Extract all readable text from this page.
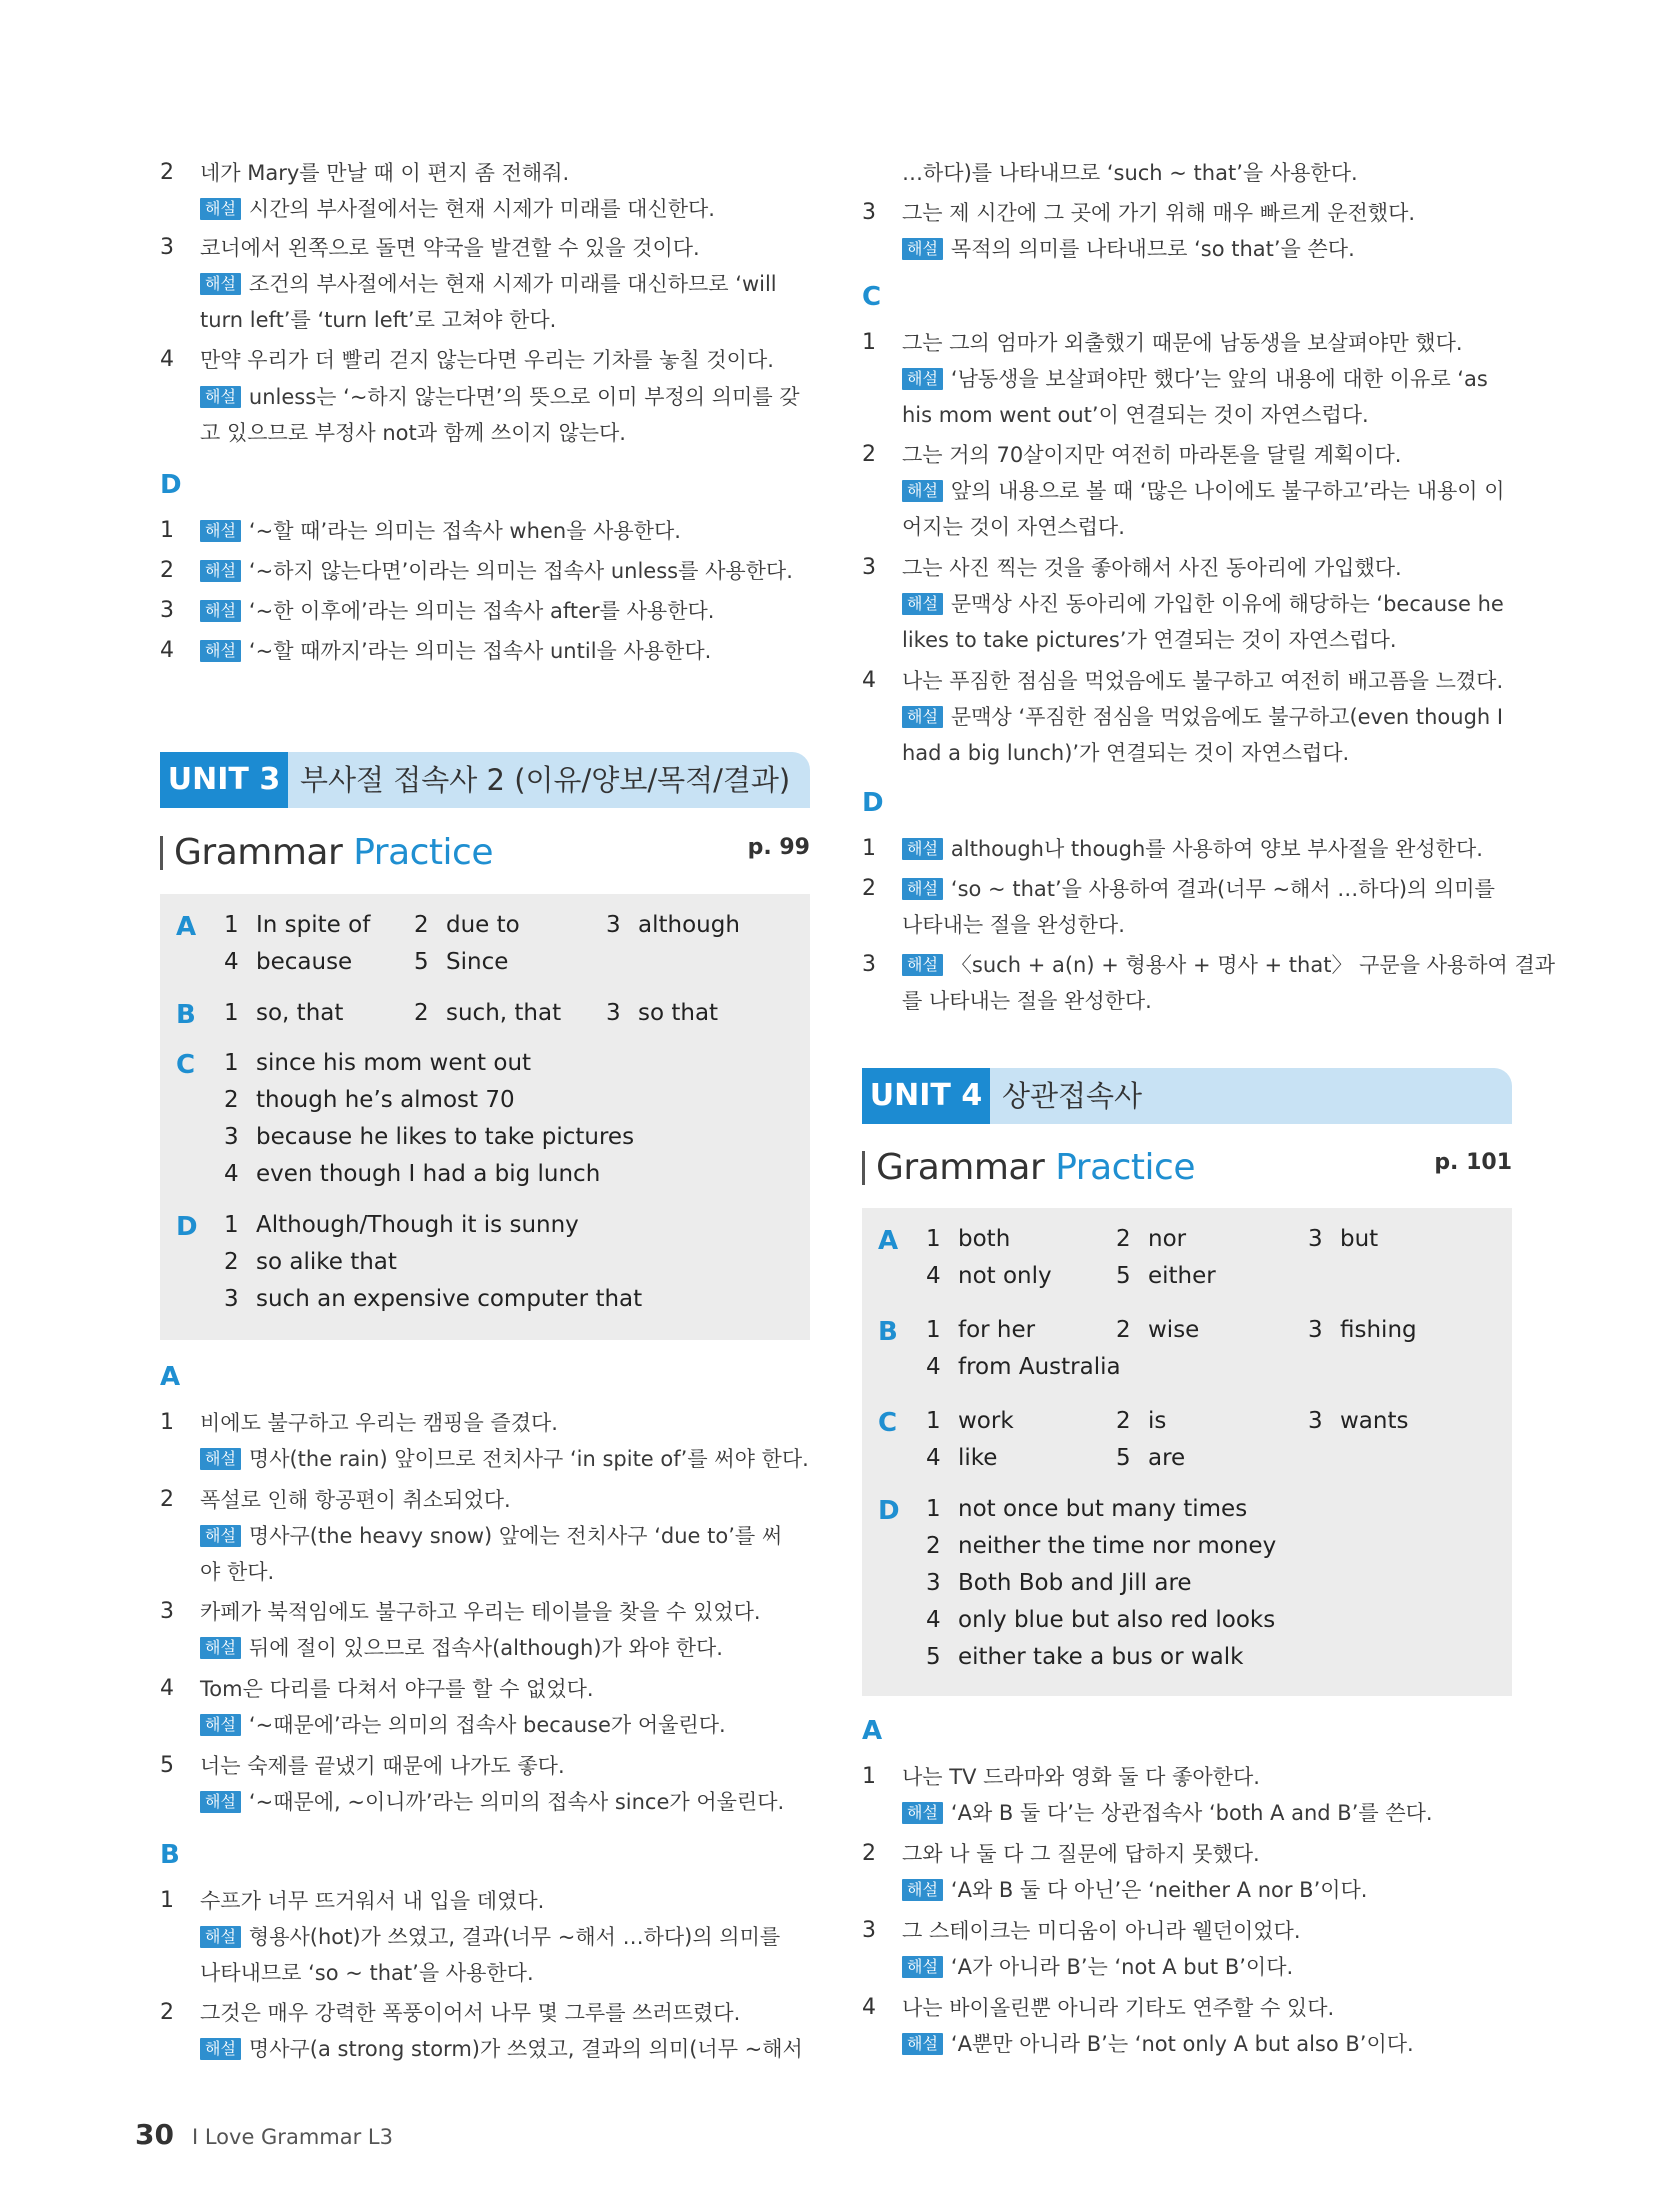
2	네가 Mary를 만날 때 이 편지 좀 전해줘.
해설 시간의 부사절에서는 현재 시제가 미래를 대신한다.
3	코너에서 왼쪽으로 돌면 약국을 발견할 수 있을 것이다.
해설 조건의 부사절에서는 현재 시제가 미래를 대신하므로 ‘will
turn left’를 ‘turn left’로 고쳐야 한다.
4	만약 우리가 더 빨리 걷지 않는다면 우리는 기차를 놓칠 것이다.
해설 unless는 ‘~하지 않는다면’의 뜻으로 이미 부정의 의미를 갖
고 있으므로 부정사 not과 함께 쓰이지 않는다.
D
1	해설 ‘~할 때’라는 의미는 접속사 when을 사용한다.
2	해설 ‘~하지 않는다면’이라는 의미는 접속사 unless를 사용한다.
3	해설 ‘~한 이후에’라는 의미는 접속사 after를 사용한다.
4	해설 ‘~할 때까지’라는 의미는 접속사 until을 사용한다.
UNIT 3 부사절 접속사 2 (이유/양보/목적/결과)
Grammar Practice	p. 99
A 1 In spite of 2 due to	3 although
4 because	5 Since
B 1 so, that	2 such, that 3 so that
C 1 since his mom went out
2 though he’s almost 70
3 because he likes to take pictures
4 even though I had a big lunch
D 1 Although/Though it is sunny
2 so alike that
3 such an expensive computer that
A
1	비에도 불구하고 우리는 캠핑을 즐겼다.
해설 명사(the rain) 앞이므로 전치사구 ‘in spite of’를 써야 한다.
2	폭설로 인해 항공편이 취소되었다.
해설 명사구(the heavy snow) 앞에는 전치사구 ‘due to’를 써
야 한다.
3	카페가 북적임에도 불구하고 우리는 테이블을 찾을 수 있었다.
해설 뒤에 절이 있으므로 접속사(although)가 와야 한다.
4	Tom은 다리를 다쳐서 야구를 할 수 없었다.
해설 ‘~때문에’라는 의미의 접속사 because가 어울린다.
5	너는 숙제를 끝냈기 때문에 나가도 좋다.
해설 ‘~때문에, ~이니까’라는 의미의 접속사 since가 어울린다.
B
1	수프가 너무 뜨거워서 내 입을 데였다.
해설 형용사(hot)가 쓰였고, 결과(너무 ~해서 …하다)의 의미를
나타내므로 ‘so ~ that’을 사용한다.
2	그것은 매우 강력한 폭풍이어서 나무 몇 그루를 쓰러뜨렸다.
해설 명사구(a strong storm)가 쓰였고, 결과의 의미(너무 ~해서
…하다)를 나타내므로 ‘such ~ that’을 사용한다.
3	그는 제 시간에 그 곳에 가기 위해 매우 빠르게 운전했다.
해설 목적의 의미를 나타내므로 ‘so that’을 쓴다.
C
1	그는 그의 엄마가 외출했기 때문에 남동생을 보살펴야만 했다.
해설 ‘남동생을 보살펴야만 했다’는 앞의 내용에 대한 이유로 ‘as
his mom went out’이 연결되는 것이 자연스럽다.
2	그는 거의 70살이지만 여전히 마라톤을 달릴 계획이다.
해설 앞의 내용으로 볼 때 ‘많은 나이에도 불구하고’라는 내용이 이
어지는 것이 자연스럽다.
3	그는 사진 찍는 것을 좋아해서 사진 동아리에 가입했다.
해설 문맥상 사진 동아리에 가입한 이유에 해당하는 ‘because he
likes to take pictures’가 연결되는 것이 자연스럽다.
4	나는 푸짐한 점심을 먹었음에도 불구하고 여전히 배고픔을 느꼈다.
해설 문맥상 ‘푸짐한 점심을 먹었음에도 불구하고(even though I
had a big lunch)’가 연결되는 것이 자연스럽다.
D
1	해설 although나 though를 사용하여 양보 부사절을 완성한다.
2	해설 ‘so ~ that’을 사용하여 결과(너무 ~해서 …하다)의 의미를
나타내는 절을 완성한다.
3	해설 〈such + a(n) + 형용사 + 명사 + that〉 구문을 사용하여 결과
를 나타내는 절을 완성한다.
UNIT 4 상관접속사
Grammar Practice	p. 101
A 1 both	2 nor	3 but
4 not only	5 either
B 1 for her	2 wise	3 fishing
4 from Australia
C 1 work	2 is	3 wants
4 like	5 are
D 1 not once but many times
2 neither the time nor money
3 Both Bob and Jill are
4 only blue but also red looks
5 either take a bus or walk
A
1	나는 TV 드라마와 영화 둘 다 좋아한다.
해설 ‘A와 B 둘 다’는 상관접속사 ‘both A and B’를 쓴다.
2	그와 나 둘 다 그 질문에 답하지 못했다.
해설 ‘A와 B 둘 다 아닌’은 ‘neither A nor B’이다.
3	그 스테이크는 미디움이 아니라 웰던이었다.
해설 ‘A가 아니라 B’는 ‘not A but B’이다.
4	나는 바이올린뿐 아니라 기타도 연주할 수 있다.
해설 ‘A뿐만 아니라 B’는 ‘not only A but also B’이다.
30 I Love Grammar L3
